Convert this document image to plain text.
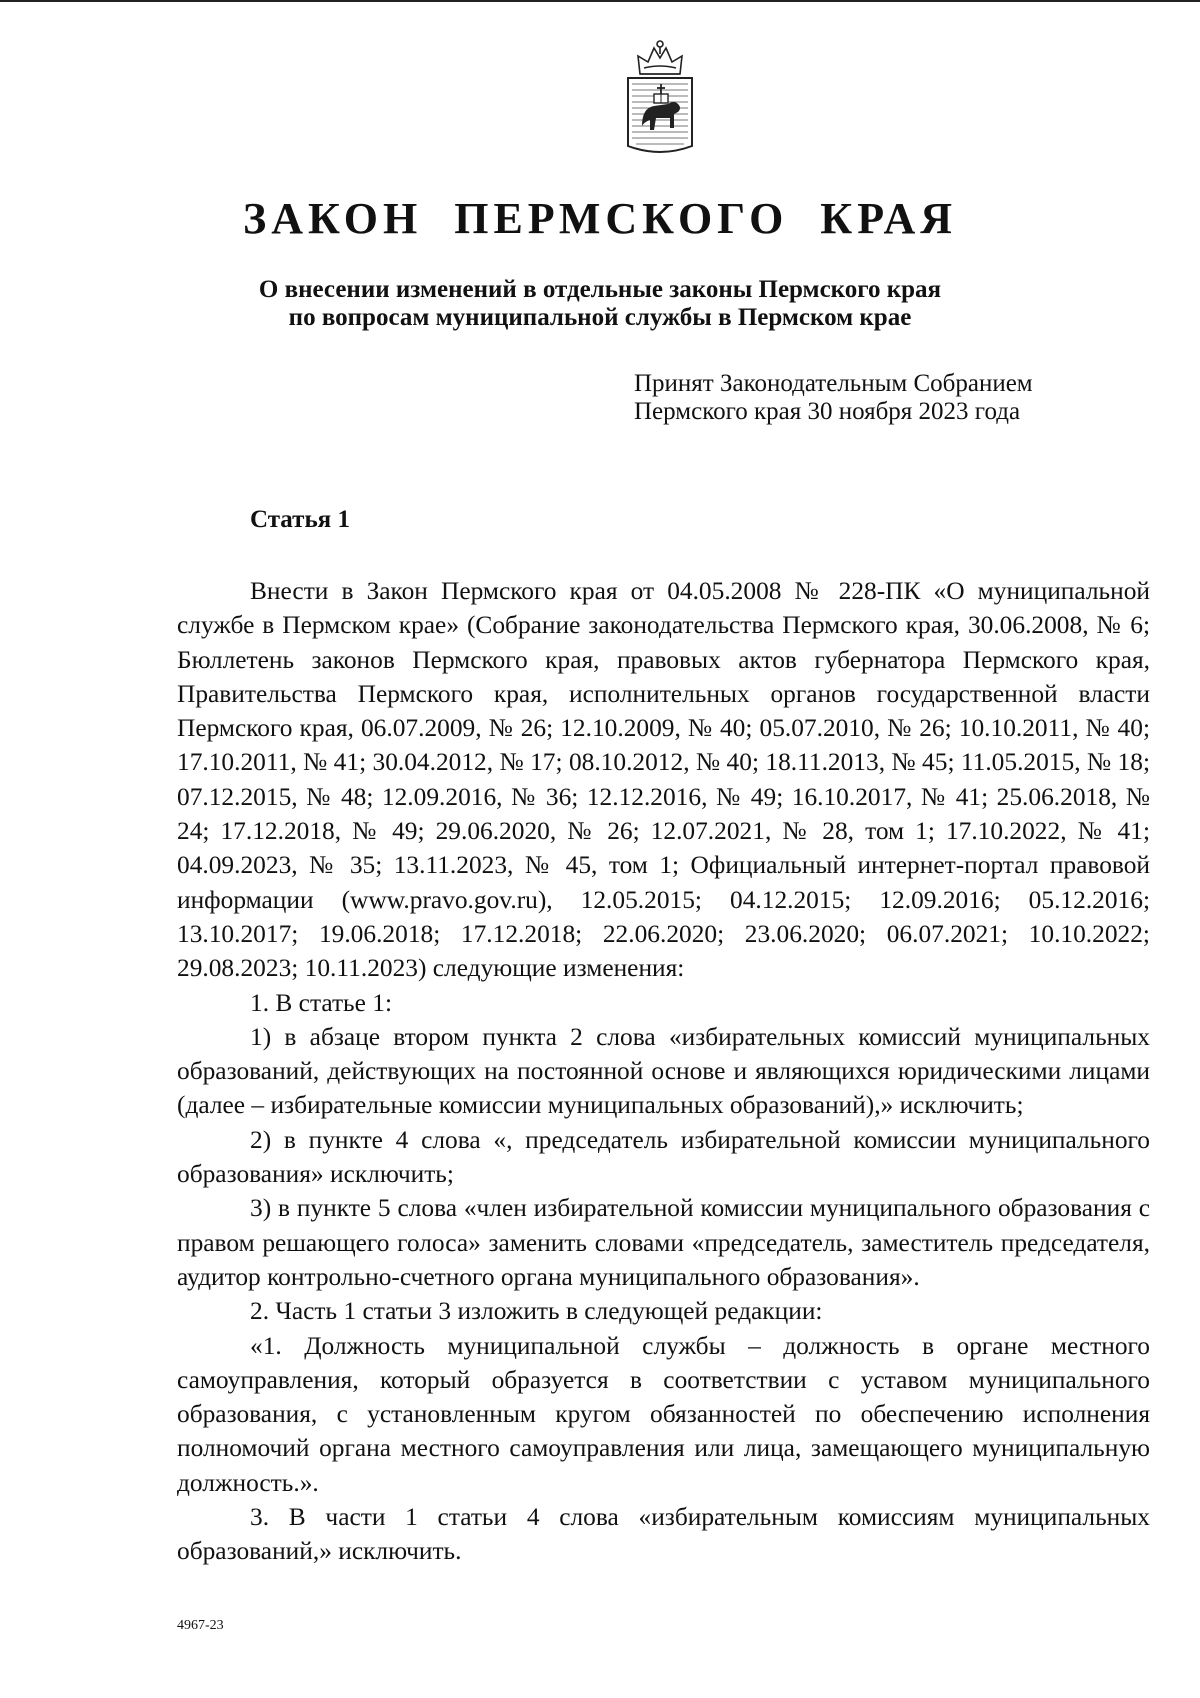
ЗАКОН ПЕРМСКОГО КРАЯ
О внесении изменений в отдельные законы Пермского края
по вопросам муниципальной службы в Пермском крае
Принят Законодательным Собранием
Пермского края 30 ноября 2023 года
Статья 1

Внести в Закон Пермского края от 04.05.2008 № 228-ПК «О муниципальной службе в Пермском крае» (Собрание законодательства Пермского края, 30.06.2008, № 6; Бюллетень законов Пермского края, правовых актов губернатора Пермского края, Правительства Пермского края, исполнительных органов государственной власти Пермского края, 06.07.2009, № 26; 12.10.2009, № 40; 05.07.2010, № 26; 10.10.2011, № 40; 17.10.2011, № 41; 30.04.2012, № 17; 08.10.2012, № 40; 18.11.2013, № 45; 11.05.2015, № 18; 07.12.2015, № 48; 12.09.2016, № 36; 12.12.2016, № 49; 16.10.2017, № 41; 25.06.2018, № 24; 17.12.2018, № 49; 29.06.2020, № 26; 12.07.2021, № 28, том 1; 17.10.2022, № 41; 04.09.2023, № 35; 13.11.2023, № 45, том 1; Официальный интернет-портал правовой информации (www.pravo.gov.ru), 12.05.2015; 04.12.2015; 12.09.2016; 05.12.2016; 13.10.2017; 19.06.2018; 17.12.2018; 22.06.2020; 23.06.2020; 06.07.2021; 10.10.2022; 29.08.2023; 10.11.2023) следующие изменения:

1. В статье 1:

1) в абзаце втором пункта 2 слова «избирательных комиссий муниципальных образований, действующих на постоянной основе и являющихся юридическими лицами (далее – избирательные комиссии муниципальных образований),» исключить;

2) в пункте 4 слова «, председатель избирательной комиссии муниципального образования» исключить;

3) в пункте 5 слова «член избирательной комиссии муниципального образования с правом решающего голоса» заменить словами «председатель, заместитель председателя, аудитор контрольно-счетного органа муниципального образования».

2. Часть 1 статьи 3 изложить в следующей редакции:

«1. Должность муниципальной службы – должность в органе местного самоуправления, который образуется в соответствии с уставом муниципального образования, с установленным кругом обязанностей по обеспечению исполнения полномочий органа местного самоуправления или лица, замещающего муниципальную должность.».

3. В части 1 статьи 4 слова «избирательным комиссиям муниципальных образований,» исключить.

4967-23
